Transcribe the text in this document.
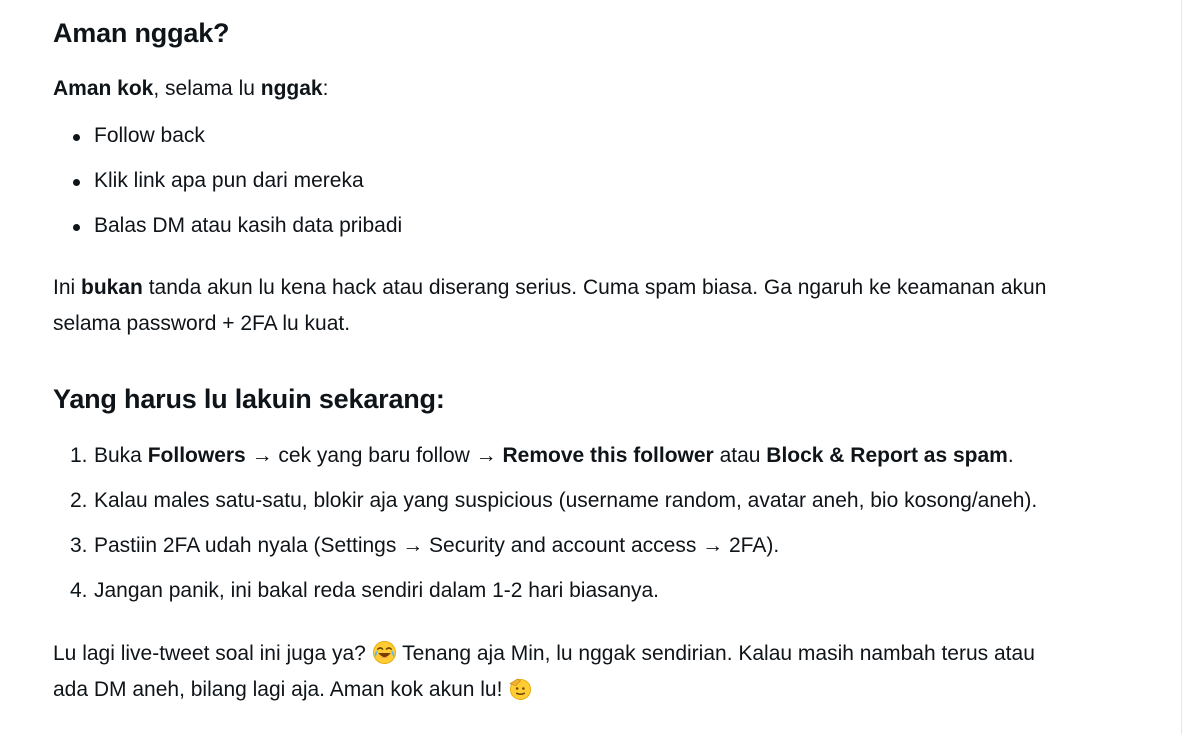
Aman nggak?

Aman kok, selama lu nggak:

Follow back
Klik link apa pun dari mereka
Balas DM atau kasih data pribadi

Ini bukan tanda akun lu kena hack atau diserang serius. Cuma spam biasa. Ga ngaruh ke keamanan akun selama password + 2FA lu kuat.

Yang harus lu lakuin sekarang:
1. Buka Followers → cek yang baru follow → Remove this follower atau Block & Report as spam.
2. Kalau males satu-satu, blokir aja yang suspicious (username random, avatar aneh, bio kosong/aneh).
3. Pastiin 2FA udah nyala (Settings → Security and account access → 2FA).
4. Jangan panik, ini bakal reda sendiri dalam 1-2 hari biasanya.

Lu lagi live-tweet soal ini juga ya?  Tenang aja Min, lu nggak sendirian. Kalau masih nambah terus atau ada DM aneh, bilang lagi aja. Aman kok akun lu!
